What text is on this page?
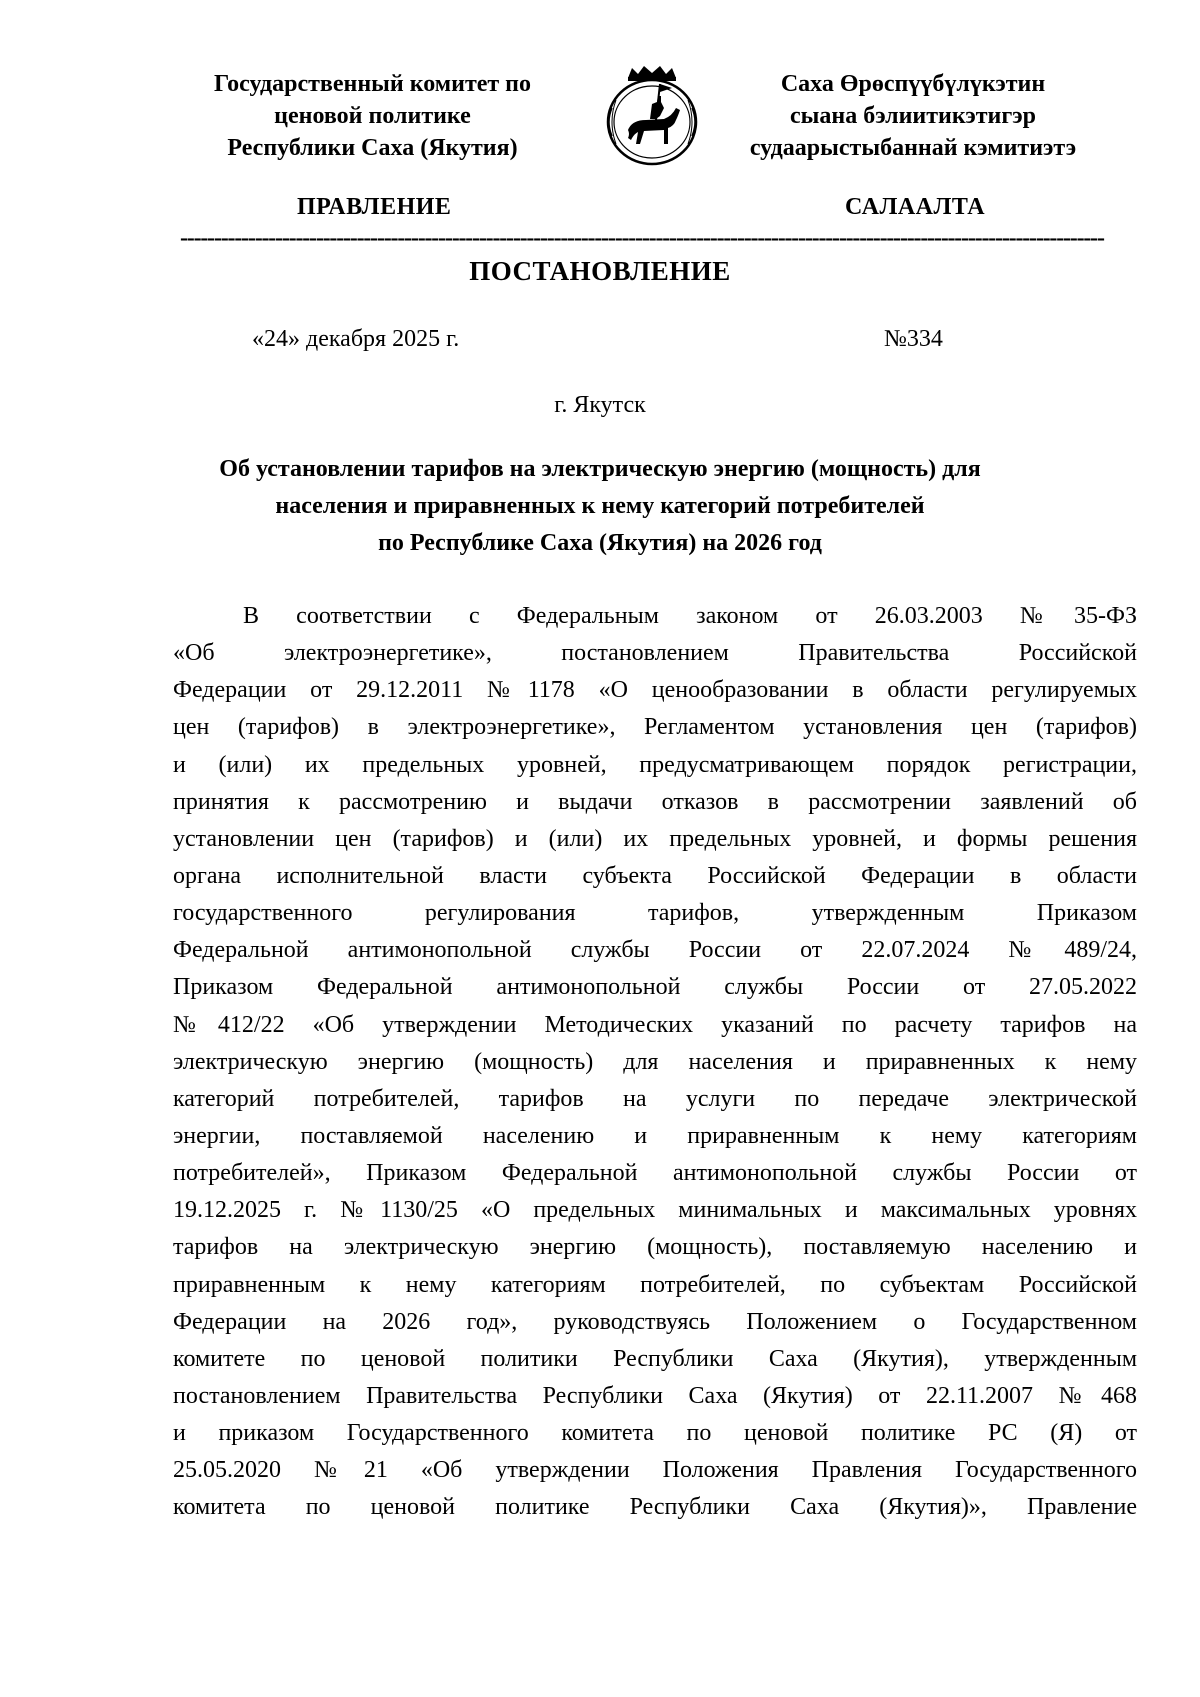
Государственный комитет по
ценовой политике
Республики Саха (Якутия)
Саха Өрөспүүбүлүкэтин
сыана бэлиитикэтигэр
судаарыстыбаннай кэмитиэтэ
ПРАВЛЕНИЕ	САЛААЛТА
----------------------------------------------------------------------------------------------------------------------------------------
ПОСТАНОВЛЕНИЕ
«24» декабря 2025 г.	№334
г. Якутск
Об установлении тарифов на электрическую энергию (мощность) для
населения и приравненных к нему категорий потребителей
по Республике Саха (Якутия) на 2026 год
В соответствии с Федеральным законом от 26.03.2003 №35-ФЗ
«Об электроэнергетике», постановлением Правительства Российской
Федерации от 29.12.2011 №1178 «О ценообразовании в области регулируемых
цен (тарифов) в электроэнергетике», Регламентом установления цен (тарифов)
и (или) их предельных уровней, предусматривающем порядок регистрации,
принятия к рассмотрению и выдачи отказов в рассмотрении заявлений об
установлении цен (тарифов) и (или) их предельных уровней, и формы решения
органа исполнительной власти субъекта Российской Федерации в области
государственного регулирования тарифов, утвержденным Приказом
Федеральной антимонопольной службы России от 22.07.2024 №489/24,
Приказом Федеральной антимонопольной службы России от 27.05.2022
№412/22 «Об утверждении Методических указаний по расчету тарифов на
электрическую энергию (мощность) для населения и приравненных к нему
категорий потребителей, тарифов на услуги по передаче электрической
энергии, поставляемой населению и приравненным к нему категориям
потребителей», Приказом Федеральной антимонопольной службы России от
19.12.2025 г. №1130/25 «О предельных минимальных и максимальных уровнях
тарифов на электрическую энергию (мощность), поставляемую населению и
приравненным к нему категориям потребителей, по субъектам Российской
Федерации на 2026 год», руководствуясь Положением о Государственном
комитете по ценовой политики Республики Саха (Якутия), утвержденным
постановлением Правительства Республики Саха (Якутия) от 22.11.2007 №468
и приказом Государственного комитета по ценовой политике РС (Я) от
25.05.2020 №21 «Об утверждении Положения Правления Государственного
комитета по ценовой политике Республики Саха (Якутия)», Правление
